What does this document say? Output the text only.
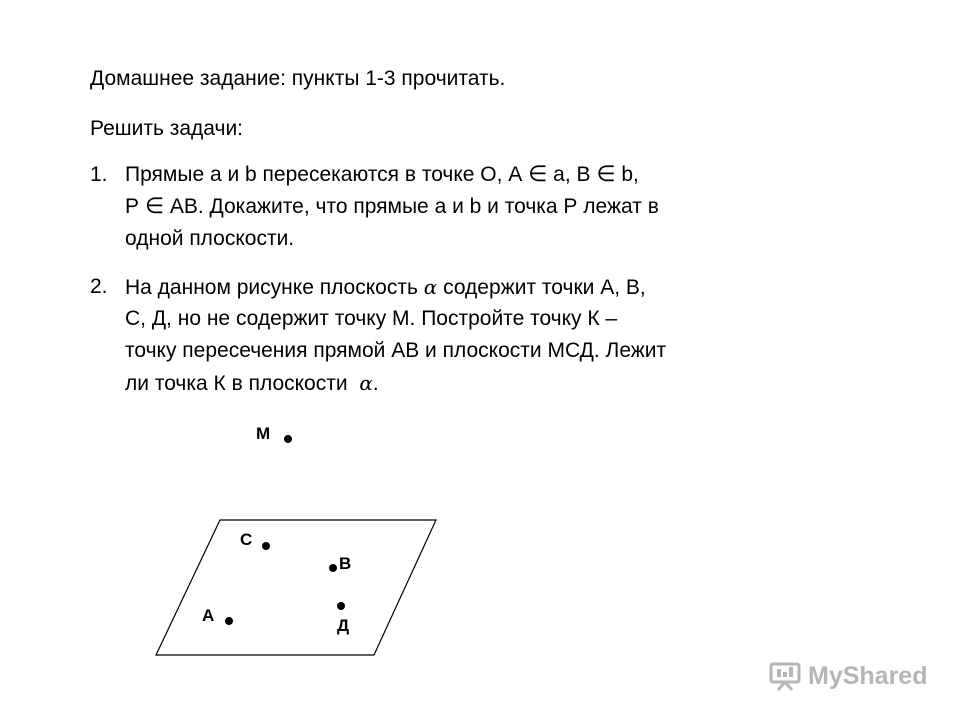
Домашнее задание: пункты 1-3 прочитать.
Решить задачи:
1. Прямые а и b пересекаются в точке О, А ∈ а, В ∈ b,
Р ∈ АВ. Докажите, что прямые а и b и точка Р лежат в
одной плоскости.
2. На данном рисунке плоскость α содержит точки А, В,
С, Д, но не содержит точку М. Постройте точку К –
точку пересечения прямой АВ и плоскости МСД. Лежит
ли точка К в плоскости α.
М
С
В
А
Д
MyShared
